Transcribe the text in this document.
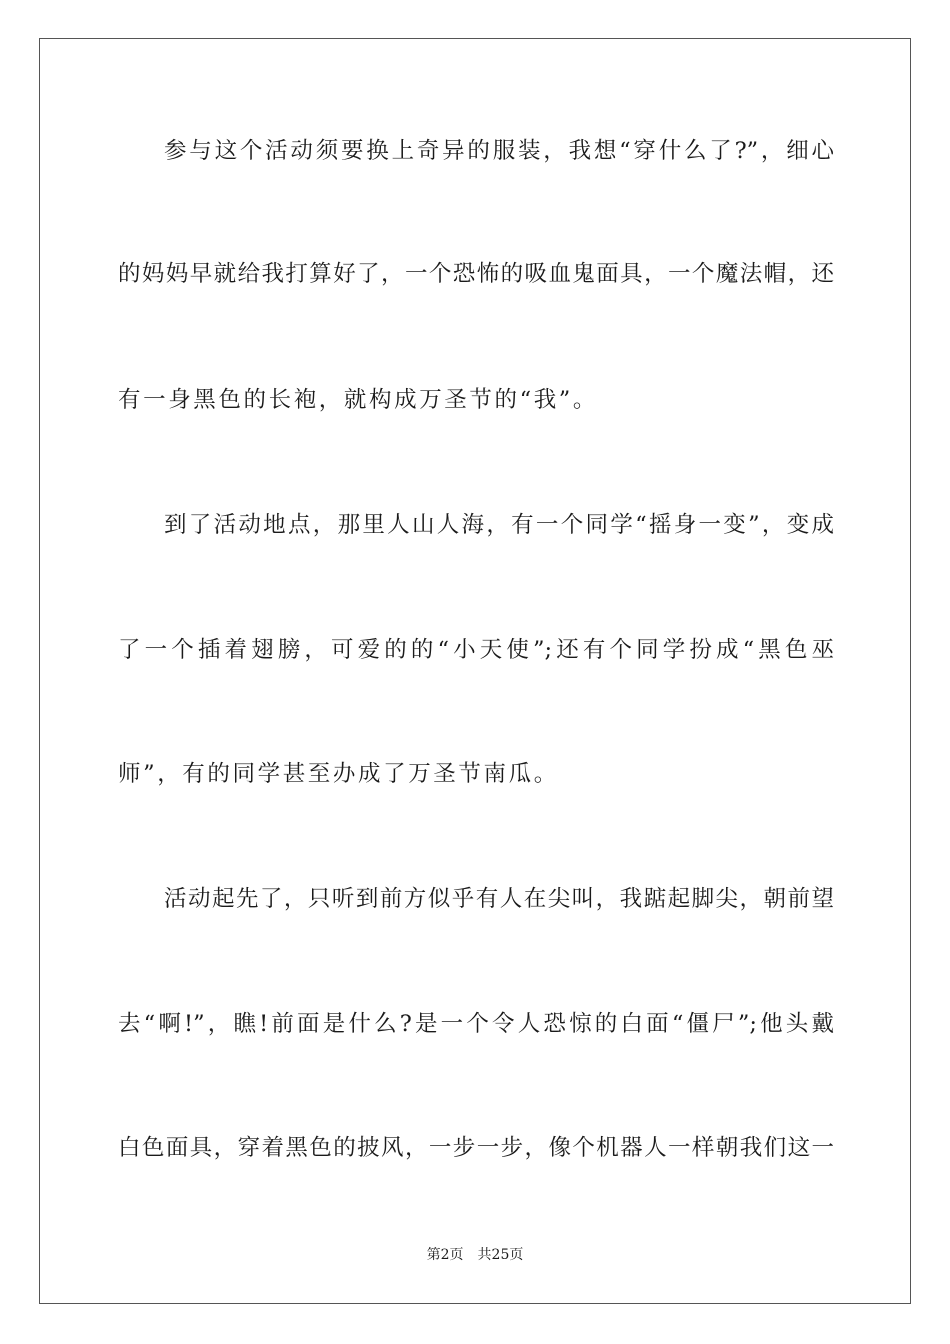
参与这个活动须要换上奇异的服装，我想“穿什么了?”，细心
的妈妈早就给我打算好了，一个恐怖的吸血鬼面具，一个魔法帽，还
有一身黑色的长袍，就构成万圣节的“我”。
到了活动地点，那里人山人海，有一个同学“摇身一变”，变成
了一个插着翅膀，可爱的的“小天使”;还有个同学扮成“黑色巫
师”，有的同学甚至办成了万圣节南瓜。
活动起先了，只听到前方似乎有人在尖叫，我踮起脚尖，朝前望
去“啊!”，瞧!前面是什么?是一个令人恐惊的白面“僵尸”;他头戴
白色面具，穿着黑色的披风，一步一步，像个机器人一样朝我们这一
第2页 共25页
